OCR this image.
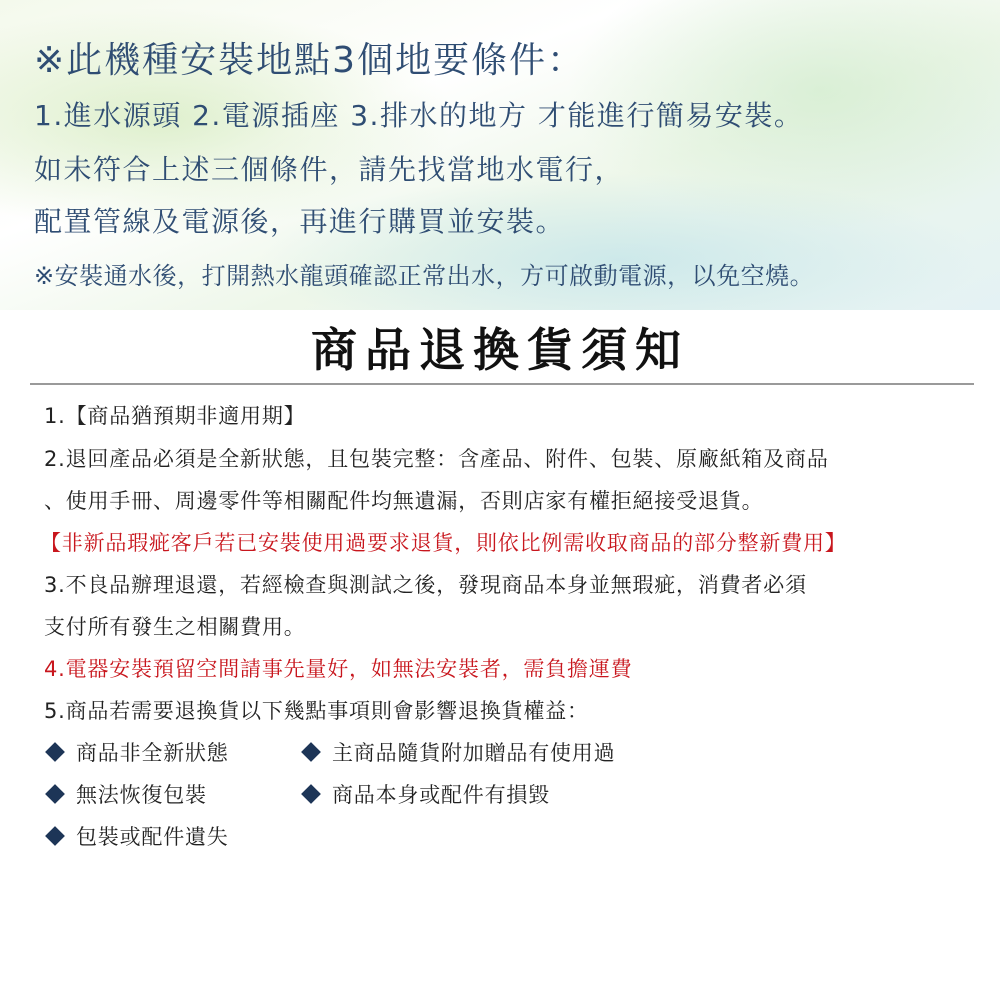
※此機種安裝地點3個地要條件：
1.進水源頭 2.電源插座 3.排水的地方 才能進行簡易安裝。
如未符合上述三個條件，請先找當地水電行，
配置管線及電源後，再進行購買並安裝。
※安裝通水後，打開熱水龍頭確認正常出水，方可啟動電源，以免空燒。
商品退換貨須知
1.【商品猶預期非適用期】
2.退回產品必須是全新狀態，且包裝完整：含產品、附件、包裝、原廠紙箱及商品
、使用手冊、周邊零件等相關配件均無遺漏，否則店家有權拒絕接受退貨。
【非新品瑕疵客戶若已安裝使用過要求退貨，則依比例需收取商品的部分整新費用】
3.不良品辦理退還，若經檢查與測試之後，發現商品本身並無瑕疵，消費者必須
支付所有發生之相關費用。
4.電器安裝預留空間請事先量好，如無法安裝者，需負擔運費
5.商品若需要退換貨以下幾點事項則會影響退換貨權益：
商品非全新狀態	主商品隨貨附加贈品有使用過
無法恢復包裝	商品本身或配件有損毀
包裝或配件遺失
